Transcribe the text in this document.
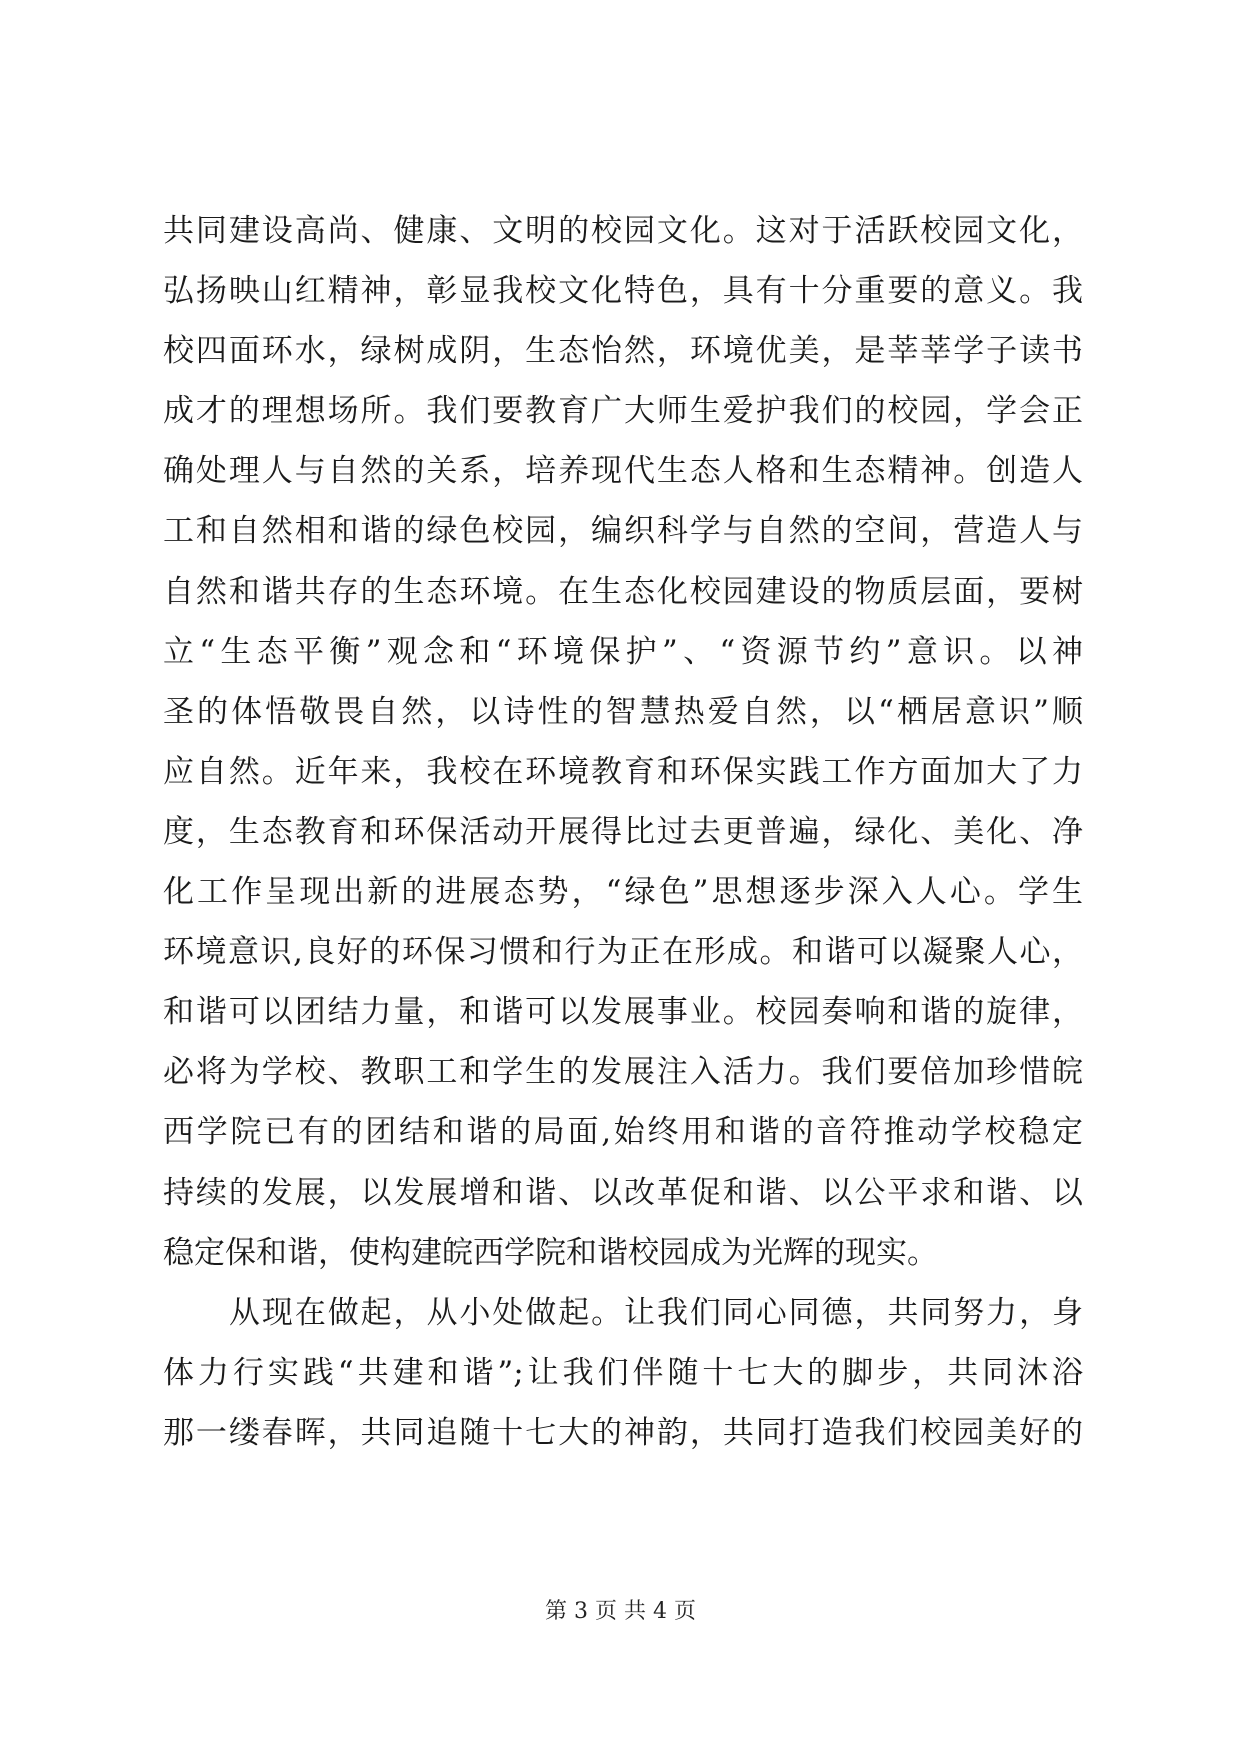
共同建设高尚、健康、文明的校园文化。这对于活跃校园文化，
弘扬映山红精神，彰显我校文化特色，具有十分重要的意义。我
校四面环水，绿树成阴，生态怡然，环境优美，是莘莘学子读书
成才的理想场所。我们要教育广大师生爱护我们的校园，学会正
确处理人与自然的关系，培养现代生态人格和生态精神。创造人
工和自然相和谐的绿色校园，编织科学与自然的空间，营造人与
自然和谐共存的生态环境。在生态化校园建设的物质层面，要树
立“生态平衡”观念和“环境保护”、“资源节约”意识。以神
圣的体悟敬畏自然，以诗性的智慧热爱自然，以“栖居意识”顺
应自然。近年来，我校在环境教育和环保实践工作方面加大了力
度，生态教育和环保活动开展得比过去更普遍，绿化、美化、净
化工作呈现出新的进展态势，“绿色”思想逐步深入人心。学生
环境意识,良好的环保习惯和行为正在形成。和谐可以凝聚人心，
和谐可以团结力量，和谐可以发展事业。校园奏响和谐的旋律，
必将为学校、教职工和学生的发展注入活力。我们要倍加珍惜皖
西学院已有的团结和谐的局面,始终用和谐的音符推动学校稳定
持续的发展，以发展增和谐、以改革促和谐、以公平求和谐、以
稳定保和谐，使构建皖西学院和谐校园成为光辉的现实。
从现在做起，从小处做起。让我们同心同德，共同努力，身
体力行实践“共建和谐”;让我们伴随十七大的脚步，共同沐浴
那一缕春晖，共同追随十七大的神韵，共同打造我们校园美好的
第 3 页 共 4 页
